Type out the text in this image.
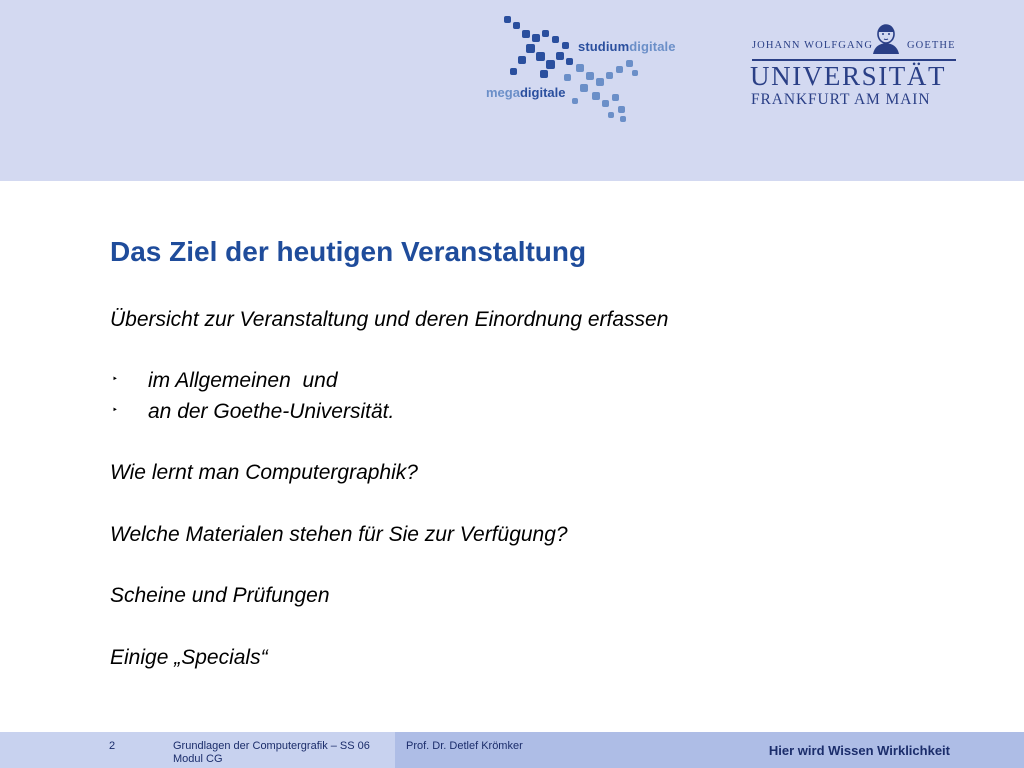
studiumdigitale
megadigitale
JOHANN WOLFGANG	GOETHE
UNIVERSITÄT
FRANKFURT AM MAIN
Das Ziel der heutigen Veranstaltung
Übersicht zur Veranstaltung und deren Einordnung erfassen
‣ im Allgemeinen  und
‣ an der Goethe-Universität.
Wie lernt man Computergraphik?
Welche Materialen stehen für Sie zur Verfügung?
Scheine und Prüfungen
Einige „Specials“
2	Grundlagen der Computergrafik – SS 06
Modul CG
Prof. Dr. Detlef Krömker	Hier wird Wissen Wirklichkeit
